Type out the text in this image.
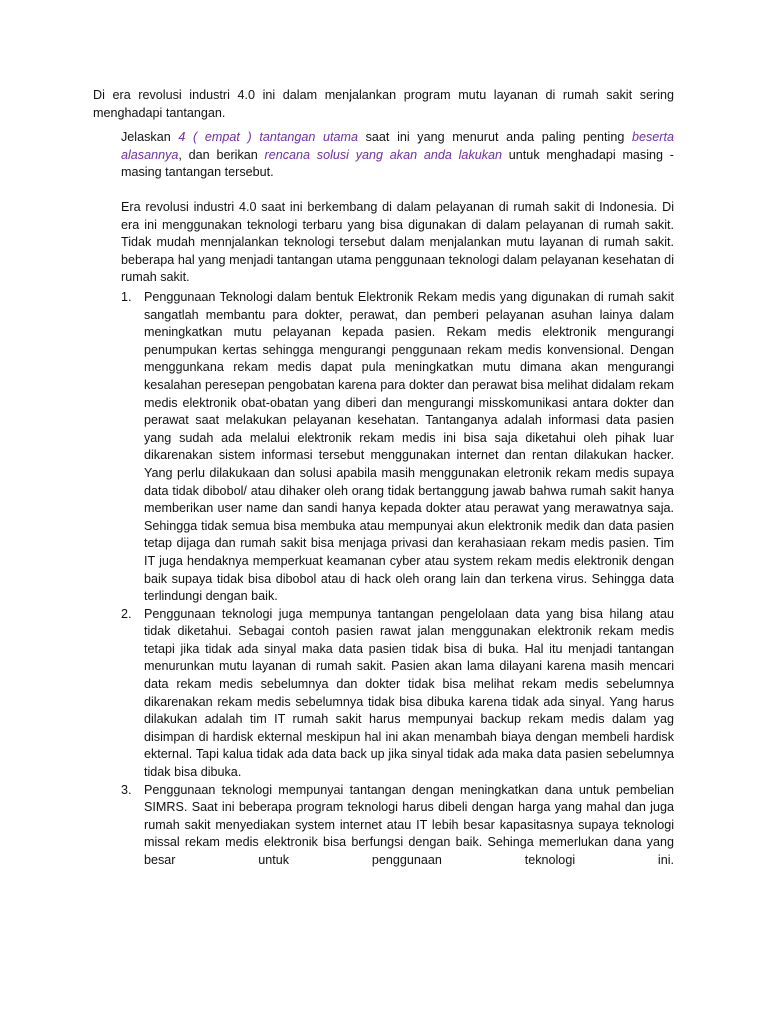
Di era revolusi industri 4.0 ini dalam menjalankan program mutu layanan di rumah sakit sering menghadapi tantangan.

Jelaskan 4 ( empat ) tantangan utama saat ini yang menurut anda paling penting beserta alasannya, dan berikan rencana solusi yang akan anda lakukan untuk menghadapi masing - masing tantangan tersebut.

Era revolusi industri 4.0 saat ini berkembang di dalam pelayanan di rumah sakit di Indonesia. Di era ini menggunakan teknologi terbaru yang bisa digunakan di dalam pelayanan di rumah sakit. Tidak mudah mennjalankan teknologi tersebut dalam menjalankan mutu layanan di rumah sakit. beberapa hal yang menjadi tantangan utama penggunaan teknologi dalam pelayanan kesehatan di rumah sakit.

1. Penggunaan Teknologi dalam bentuk Elektronik Rekam medis yang digunakan di rumah sakit sangatlah membantu para dokter, perawat, dan pemberi pelayanan asuhan lainya dalam meningkatkan mutu pelayanan kepada pasien. Rekam medis elektronik mengurangi penumpukan kertas sehingga mengurangi penggunaan rekam medis konvensional. Dengan menggunkana rekam medis dapat pula meningkatkan mutu dimana akan mengurangi kesalahan peresepan pengobatan karena para dokter dan perawat bisa melihat didalam rekam medis elektronik obat-obatan yang diberi dan mengurangi misskomunikasi antara dokter dan perawat saat melakukan pelayanan kesehatan. Tantanganya adalah informasi data pasien yang sudah ada melalui elektronik rekam medis ini bisa saja diketahui oleh pihak luar dikarenakan sistem informasi tersebut menggunakan internet dan rentan dilakukan hacker. Yang perlu dilakukaan dan solusi apabila masih menggunakan eletronik rekam medis supaya data tidak dibobol/ atau dihaker oleh orang tidak bertanggung jawab bahwa rumah sakit hanya memberikan user name dan sandi hanya kepada dokter atau perawat yang merawatnya saja. Sehingga tidak semua bisa membuka atau mempunyai akun elektronik medik dan data pasien tetap dijaga dan rumah sakit bisa menjaga privasi dan kerahasiaan rekam medis pasien. Tim IT juga hendaknya memperkuat keamanan cyber atau system rekam medis elektronik dengan baik supaya tidak bisa dibobol atau di hack oleh orang lain dan terkena virus. Sehingga data terlindungi dengan baik.
2. Penggunaan teknologi juga mempunya tantangan pengelolaan data yang bisa hilang atau tidak diketahui. Sebagai contoh pasien rawat jalan menggunakan elektronik rekam medis tetapi jika tidak ada sinyal maka data pasien tidak bisa di buka. Hal itu menjadi tantangan menurunkan mutu layanan di rumah sakit. Pasien akan lama dilayani karena masih mencari data rekam medis sebelumnya dan dokter tidak bisa melihat rekam medis sebelumnya dikarenakan rekam medis sebelumnya tidak bisa dibuka karena tidak ada sinyal. Yang harus dilakukan adalah tim IT rumah sakit harus mempunyai backup rekam medis dalam yag disimpan di hardisk ekternal meskipun hal ini akan menambah biaya dengan membeli hardisk ekternal. Tapi kalua tidak ada data back up jika sinyal tidak ada maka data pasien sebelumnya tidak bisa dibuka.
3. Penggunaan teknologi mempunyai tantangan dengan meningkatkan dana untuk pembelian SIMRS. Saat ini beberapa program teknologi harus dibeli dengan harga yang mahal dan juga rumah sakit menyediakan system internet atau IT lebih besar kapasitasnya supaya teknologi missal rekam medis elektronik bisa berfungsi dengan baik. Sehinga memerlukan dana yang besar untuk penggunaan teknologi ini.
